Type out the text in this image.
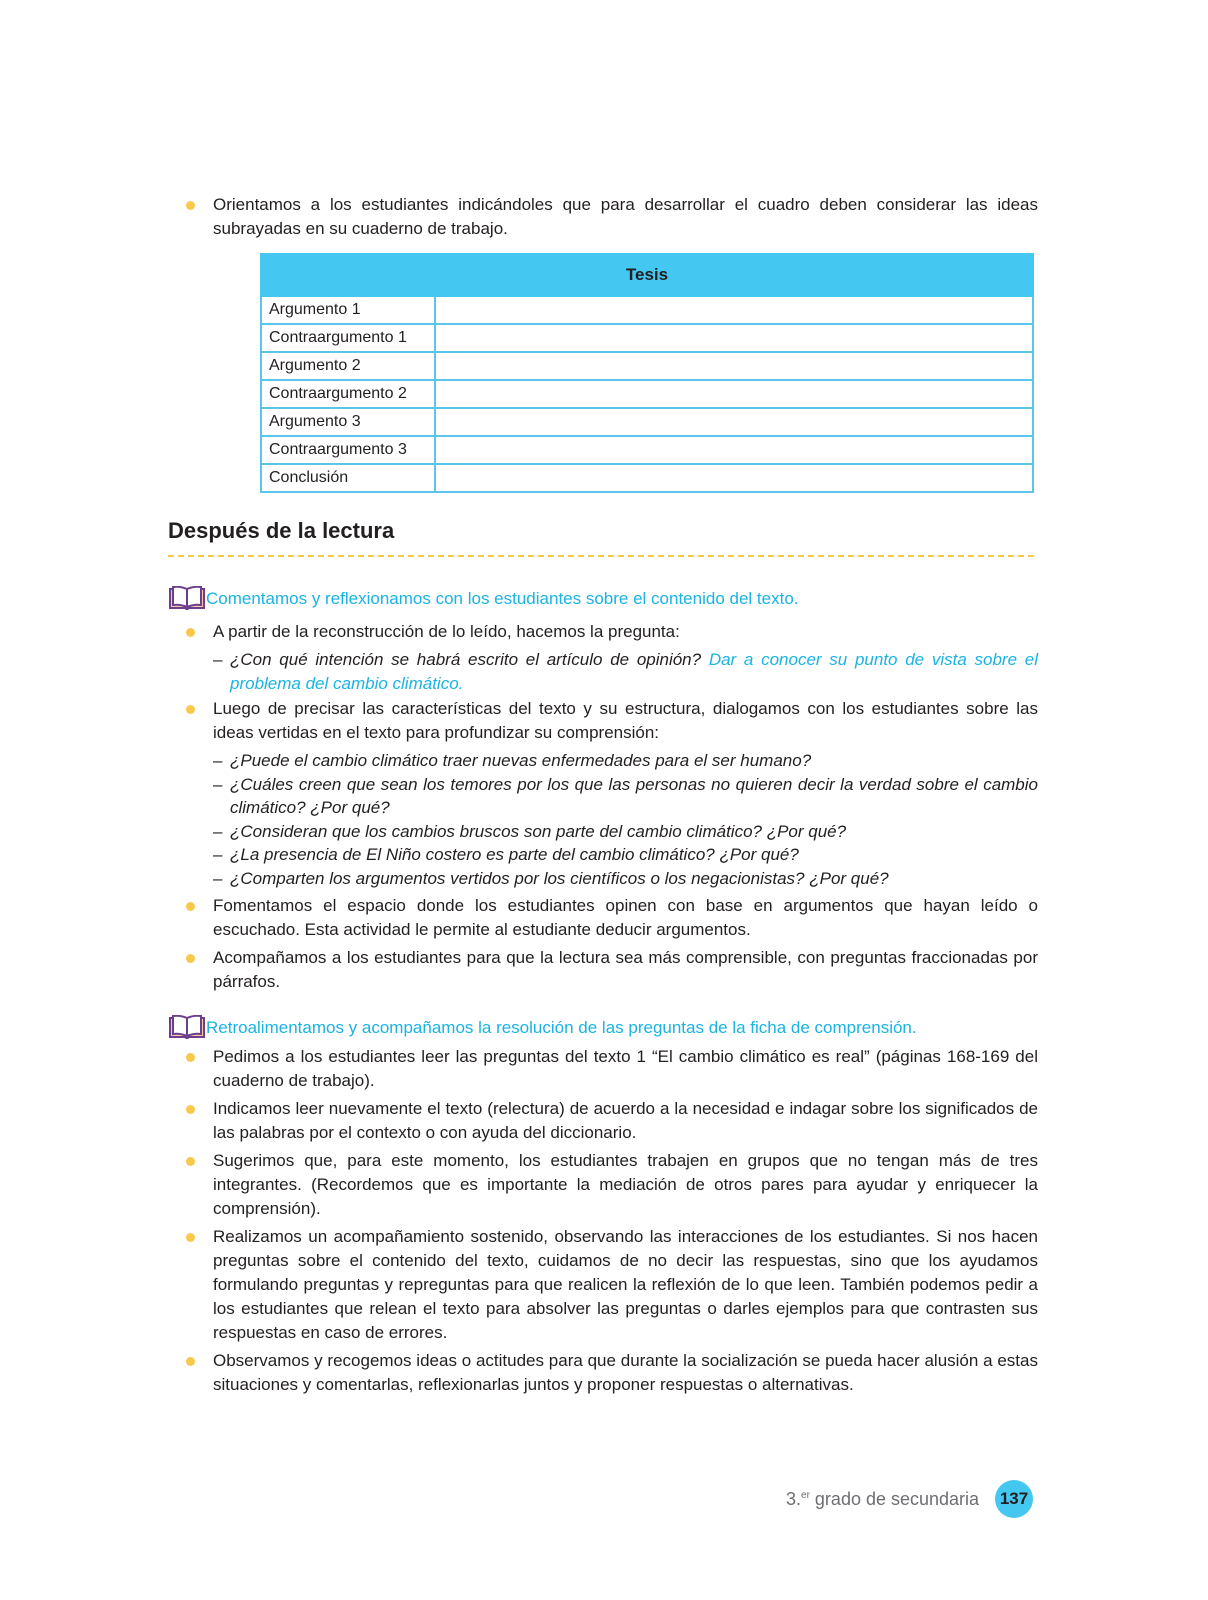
Orientamos a los estudiantes indicándoles que para desarrollar el cuadro deben considerar las ideas subrayadas en su cuaderno de trabajo.
Tesis	
Argumento 1	
Contraargumento 1	
Argumento 2	
Contraargumento 2	
Argumento 3	
Contraargumento 3	
Conclusión	
Después de la lectura
Comentamos y reflexionamos con los estudiantes sobre el contenido del texto.
A partir de la reconstrucción de lo leído, hacemos la pregunta:
– ¿Con qué intención se habrá escrito el artículo de opinión? Dar a conocer su punto de vista sobre el problema del cambio climático.
Luego de precisar las características del texto y su estructura, dialogamos con los estudiantes sobre las ideas vertidas en el texto para profundizar su comprensión:
– ¿Puede el cambio climático traer nuevas enfermedades para el ser humano?
– ¿Cuáles creen que sean los temores por los que las personas no quieren decir la verdad sobre el cambio climático? ¿Por qué?
– ¿Consideran que los cambios bruscos son parte del cambio climático? ¿Por qué?
– ¿La presencia de El Niño costero es parte del cambio climático? ¿Por qué?
– ¿Comparten los argumentos vertidos por los científicos o los negacionistas? ¿Por qué?
Fomentamos el espacio donde los estudiantes opinen con base en argumentos que hayan leído o escuchado. Esta actividad le permite al estudiante deducir argumentos.
Acompañamos a los estudiantes para que la lectura sea más comprensible, con preguntas fraccionadas por párrafos.
Retroalimentamos y acompañamos la resolución de las preguntas de la ficha de comprensión.
Pedimos a los estudiantes leer las preguntas del texto 1 “El cambio climático es real” (páginas 168-169 del cuaderno de trabajo).
Indicamos leer nuevamente el texto (relectura) de acuerdo a la necesidad e indagar sobre los significados de las palabras por el contexto o con ayuda del diccionario.
Sugerimos que, para este momento, los estudiantes trabajen en grupos que no tengan más de tres integrantes. (Recordemos que es importante la mediación de otros pares para ayudar y enriquecer la comprensión).
Realizamos un acompañamiento sostenido, observando las interacciones de los estudiantes. Si nos hacen preguntas sobre el contenido del texto, cuidamos de no decir las respuestas, sino que los ayudamos formulando preguntas y repreguntas para que realicen la reflexión de lo que leen. También podemos pedir a los estudiantes que relean el texto para absolver las preguntas o darles ejemplos para que contrasten sus respuestas en caso de errores.
Observamos y recogemos ideas o actitudes para que durante la socialización se pueda hacer alusión a estas situaciones y comentarlas, reflexionarlas juntos y proponer respuestas o alternativas.
3.$^{er}$ grado de secundaria 137
